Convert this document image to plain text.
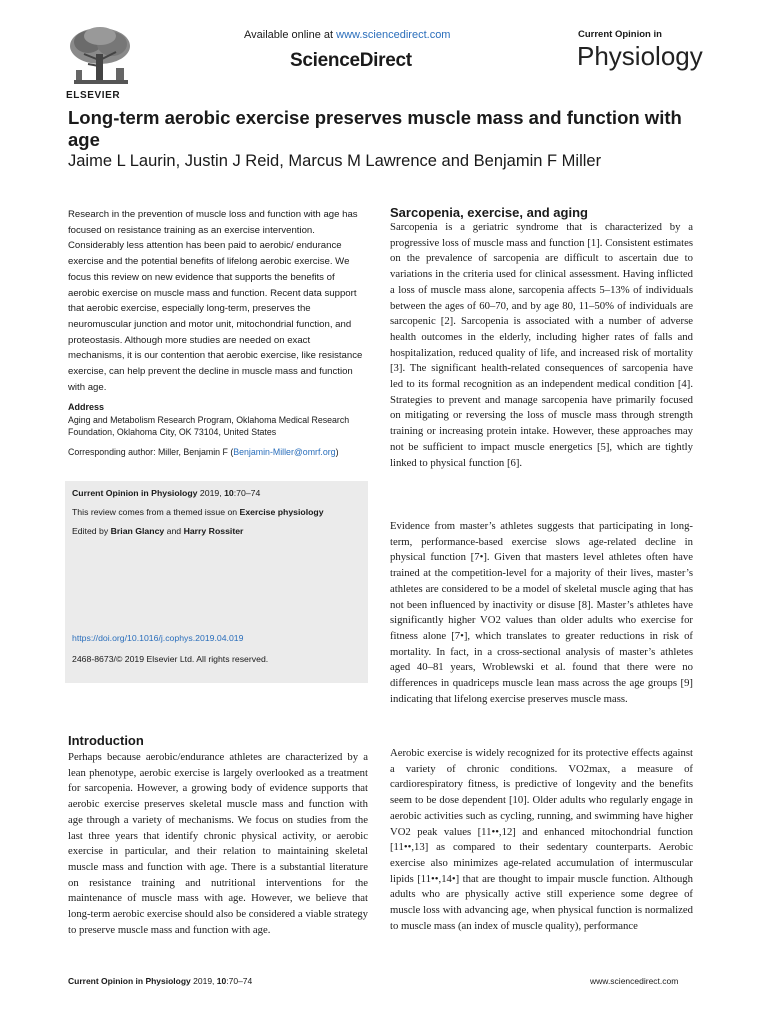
ELSEVIER
Available online at www.sciencedirect.com
ScienceDirect
Current Opinion in
Physiology
Long-term aerobic exercise preserves muscle mass and function with age
Jaime L Laurin, Justin J Reid, Marcus M Lawrence and Benjamin F Miller
Research in the prevention of muscle loss and function with age has focused on resistance training as an exercise intervention. Considerably less attention has been paid to aerobic/ endurance exercise and the potential benefits of lifelong aerobic exercise. We focus this review on new evidence that supports the benefits of aerobic exercise on muscle mass and function. Recent data support that aerobic exercise, especially long-term, preserves the neuromuscular junction and motor unit, mitochondrial function, and proteostasis. Although more studies are needed on exact mechanisms, it is our contention that aerobic exercise, like resistance exercise, can help prevent the decline in muscle mass and function with age.
Address
Aging and Metabolism Research Program, Oklahoma Medical Research Foundation, Oklahoma City, OK 73104, United States
Corresponding author: Miller, Benjamin F (Benjamin-Miller@omrf.org)
Current Opinion in Physiology 2019, 10:70–74
This review comes from a themed issue on Exercise physiology
Edited by Brian Glancy and Harry Rossiter
https://doi.org/10.1016/j.cophys.2019.04.019
2468-8673/© 2019 Elsevier Ltd. All rights reserved.
Introduction
Perhaps because aerobic/endurance athletes are characterized by a lean phenotype, aerobic exercise is largely overlooked as a treatment for sarcopenia. However, a growing body of evidence supports that aerobic exercise preserves skeletal muscle mass and function with age through a variety of mechanisms. We focus on studies from the last three years that identify chronic physical activity, or aerobic exercise in particular, and their relation to maintaining skeletal muscle mass and function with age. There is a substantial literature on resistance training and nutritional interventions for the maintenance of muscle mass with age. However, we believe that long-term aerobic exercise should also be considered a viable strategy to preserve muscle mass and function with age.
Sarcopenia, exercise, and aging
Sarcopenia is a geriatric syndrome that is characterized by a progressive loss of muscle mass and function [1]. Consistent estimates on the prevalence of sarcopenia are difficult to ascertain due to variations in the criteria used for clinical assessment. Having inflicted a loss of muscle mass alone, sarcopenia affects 5–13% of individuals between the ages of 60–70, and by age 80, 11–50% of individuals are sarcopenic [2]. Sarcopenia is associated with a number of adverse health outcomes in the elderly, including higher rates of falls and hospitalization, reduced quality of life, and increased risk of mortality [3]. The significant health-related consequences of sarcopenia have led to its formal recognition as an independent medical condition [4]. Strategies to prevent and manage sarcopenia have primarily focused on mitigating or reversing the loss of muscle mass through strength training or increasing protein intake. However, these approaches may not be sufficient to impact muscle energetics [5], which are tightly linked to physical function [6].
Evidence from master’s athletes suggests that participating in long-term, performance-based exercise slows age-related decline in physical function [7•]. Given that masters level athletes often have trained at the competition-level for a majority of their lives, master’s athletes are considered to be a model of skeletal muscle aging that has not been influenced by inactivity or disuse [8]. Master’s athletes have significantly higher VO2 values than older adults who exercise for fitness alone [7•], which translates to greater reductions in risk of mortality. In fact, in a cross-sectional analysis of master’s athletes aged 40–81 years, Wroblewski et al. found that there were no differences in quadriceps muscle lean mass across the age groups [9] indicating that lifelong exercise preserves muscle mass.
Aerobic exercise is widely recognized for its protective effects against a variety of chronic conditions. VO2max, a measure of cardiorespiratory fitness, is predictive of longevity and the benefits seem to be dose dependent [10]. Older adults who regularly engage in aerobic activities such as cycling, running, and swimming have higher VO2 peak values [11••,12] and enhanced mitochondrial function [11••,13] as compared to their sedentary counterparts. Aerobic exercise also minimizes age-related accumulation of intermuscular lipids [11••,14•] that are thought to impair muscle function. Although adults who are physically active still experience some degree of muscle loss with advancing age, when physical function is normalized to muscle mass (an index of muscle quality), performance
Current Opinion in Physiology 2019, 10:70–74	www.sciencedirect.com
